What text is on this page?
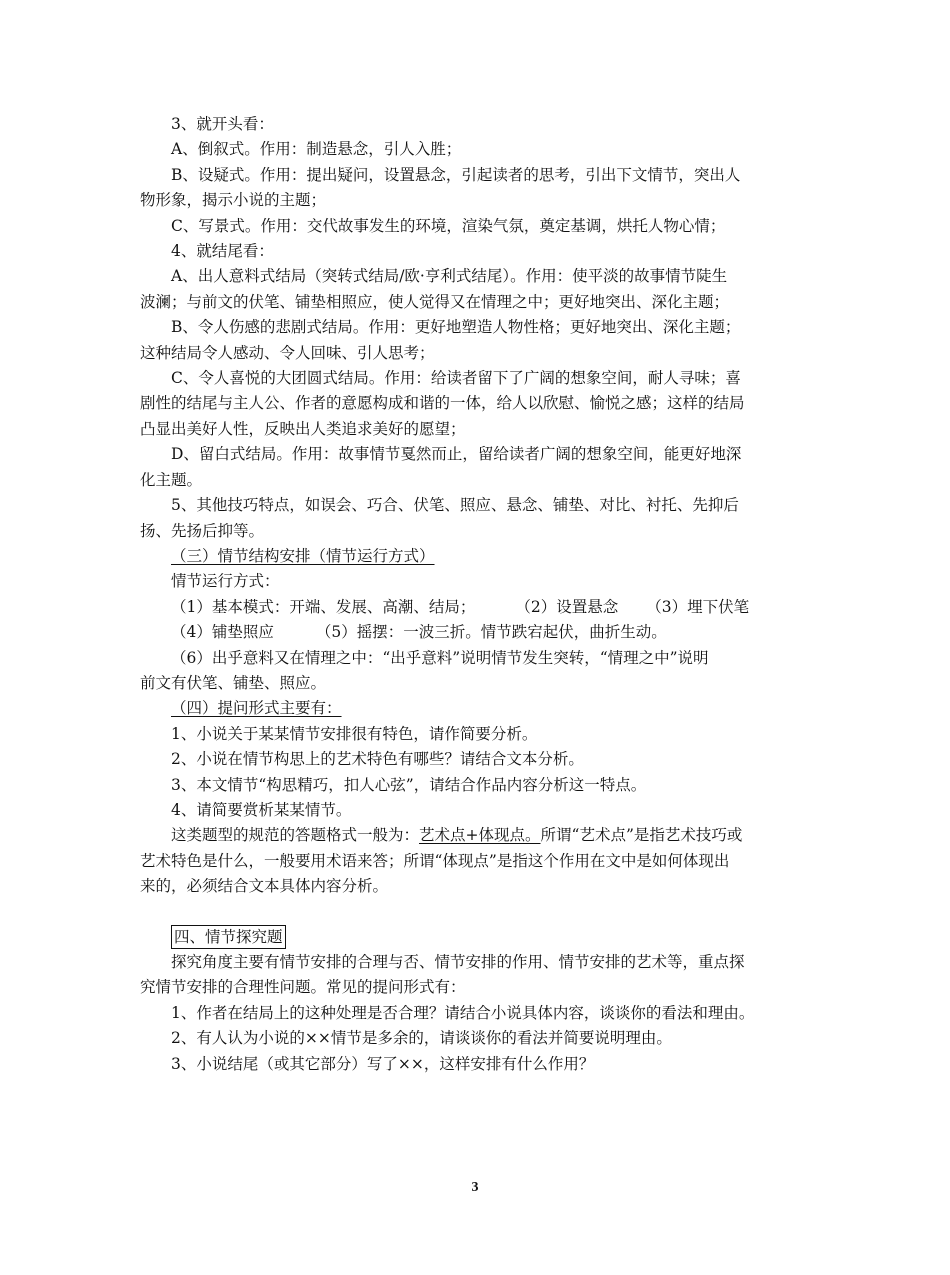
3、就开头看：
A、倒叙式。作用：制造悬念，引人入胜；
B、设疑式。作用：提出疑问，设置悬念，引起读者的思考，引出下文情节，突出人
物形象，揭示小说的主题；
C、写景式。作用：交代故事发生的环境，渲染气氛，奠定基调，烘托人物心情；
4、就结尾看：
A、出人意料式结局（突转式结局/欧·亨利式结尾）。作用：使平淡的故事情节陡生
波澜；与前文的伏笔、铺垫相照应，使人觉得又在情理之中；更好地突出、深化主题；
B、令人伤感的悲剧式结局。作用：更好地塑造人物性格；更好地突出、深化主题；
这种结局令人感动、令人回味、引人思考；
C、令人喜悦的大团圆式结局。作用：给读者留下了广阔的想象空间，耐人寻味；喜
剧性的结尾与主人公、作者的意愿构成和谐的一体，给人以欣慰、愉悦之感；这样的结局
凸显出美好人性，反映出人类追求美好的愿望；
D、留白式结局。作用：故事情节戛然而止，留给读者广阔的想象空间，能更好地深
化主题。
5、其他技巧特点，如误会、巧合、伏笔、照应、悬念、铺垫、对比、衬托、先抑后
扬、先扬后抑等。
（三）情节结构安排（情节运行方式）
情节运行方式：
（1）基本模式：开端、发展、高潮、结局；	（2）设置悬念 （3）埋下伏笔
（4）铺垫照应	（5）摇摆：一波三折。情节跌宕起伏，曲折生动。
（6）出乎意料又在情理之中：“出乎意料”说明情节发生突转，“情理之中”说明
前文有伏笔、铺垫、照应。
（四）提问形式主要有：
1、小说关于某某情节安排很有特色，请作简要分析。
2、小说在情节构思上的艺术特色有哪些？请结合文本分析。
3、本文情节“构思精巧，扣人心弦”，请结合作品内容分析这一特点。
4、请简要赏析某某情节。
这类题型的规范的答题格式一般为：艺术点+体现点。所谓“艺术点”是指艺术技巧或
艺术特色是什么，一般要用术语来答；所谓“体现点”是指这个作用在文中是如何体现出
来的，必须结合文本具体内容分析。
四、情节探究题
探究角度主要有情节安排的合理与否、情节安排的作用、情节安排的艺术等，重点探
究情节安排的合理性问题。常见的提问形式有：
1、作者在结局上的这种处理是否合理？请结合小说具体内容，谈谈你的看法和理由。
2、有人认为小说的××情节是多余的，请谈谈你的看法并简要说明理由。
3、小说结尾（或其它部分）写了××，这样安排有什么作用？
3
